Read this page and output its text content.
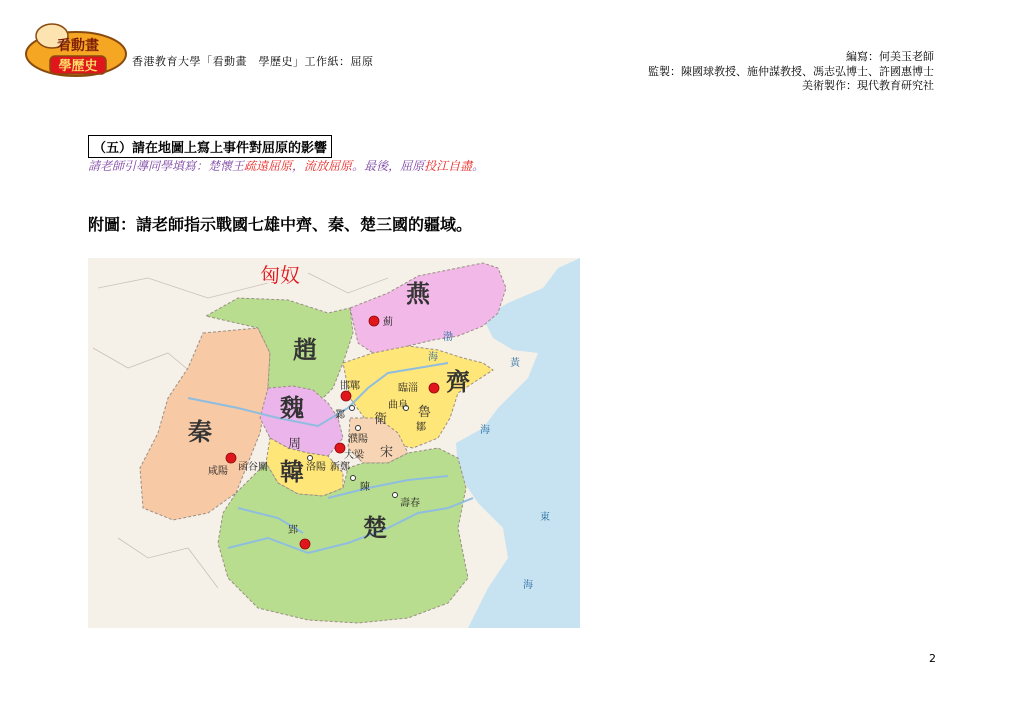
看動畫
學歷史	香港教育大學「看動畫　學歷史」工作紙：屈原	編寫：何美玉老師
監製：陳國球教授、施仲謀教授、馮志弘博士、許國惠博士
美術製作：現代教育研究社
（五）請在地圖上寫上事件對屈原的影響
請老師引導同學填寫：楚懷王疏遠屈原，流放屈原。最後，屈原投江自盡。
附圖：請老師指示戰國七雄中齊、秦、楚三國的疆域。
渤
海
黃
海
東
海
匈奴
燕
趙
魏
齊
秦
韓
楚
宋
周
衛 魯
薊
邯鄲
鄴
臨淄
曲阜
鄒
濮陽
大梁
新鄭
洛陽
咸陽 函谷關
陳
壽春
郢
2
